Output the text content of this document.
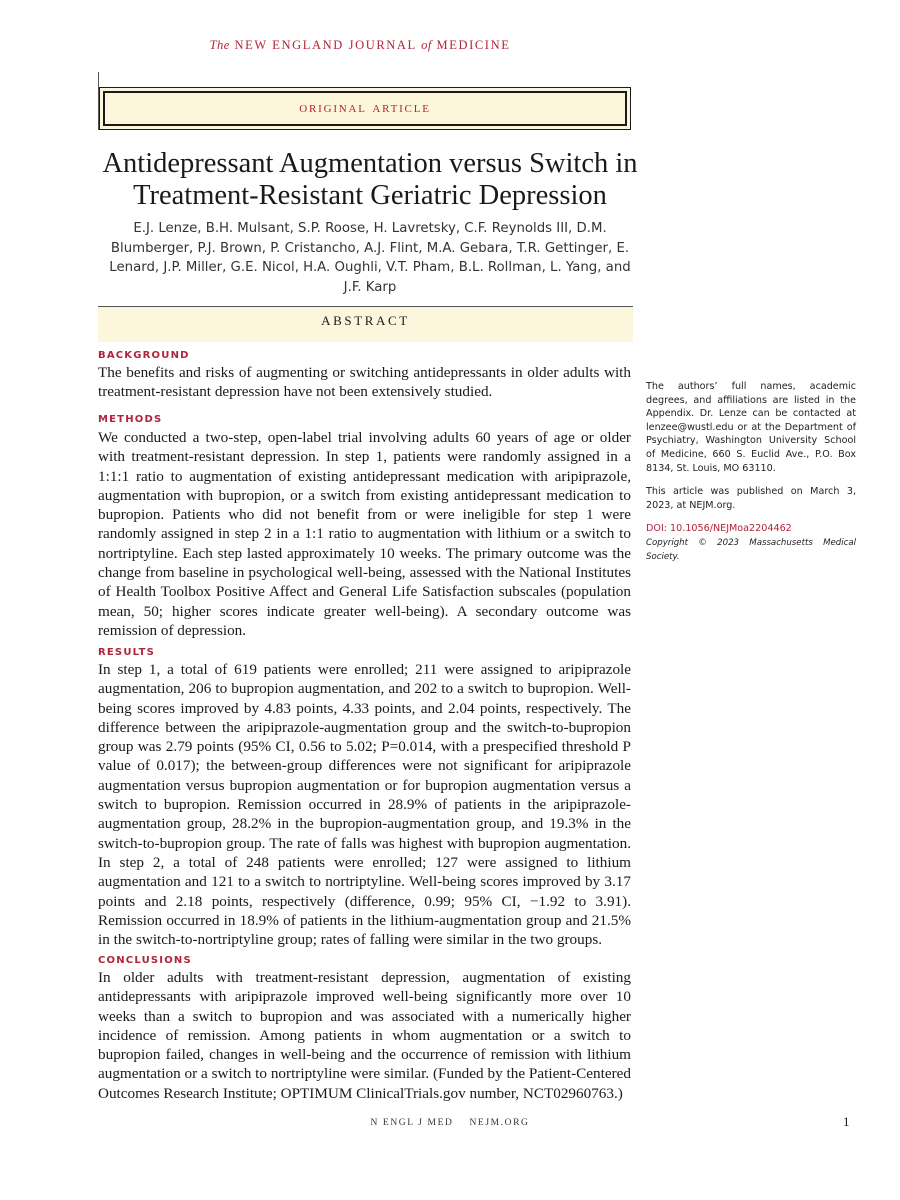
The NEW ENGLAND JOURNAL of MEDICINE
original article
Antidepressant Augmentation versus Switch in Treatment-Resistant Geriatric Depression
E.J. Lenze, B.H. Mulsant, S.P. Roose, H. Lavretsky, C.F. Reynolds III, D.M. Blumberger, P.J. Brown, P. Cristancho, A.J. Flint, M.A. Gebara, T.R. Gettinger, E. Lenard, J.P. Miller, G.E. Nicol, H.A. Oughli, V.T. Pham, B.L. Rollman, L. Yang, and J.F. Karp
ABSTRACT
BACKGROUND

The benefits and risks of augmenting or switching antidepressants in older adults with treatment-resistant depression have not been extensively studied.

METHODS

We conducted a two-step, open-label trial involving adults 60 years of age or older with treatment-resistant depression. In step 1, patients were randomly assigned in a 1:1:1 ratio to augmentation of existing antidepressant medication with aripiprazole, augmentation with bupropion, or a switch from existing antidepressant medication to bupropion. Patients who did not benefit from or were ineligible for step 1 were randomly assigned in step 2 in a 1:1 ratio to augmentation with lithium or a switch to nortriptyline. Each step lasted approximately 10 weeks. The primary outcome was the change from baseline in psychological well-being, assessed with the National Institutes of Health Toolbox Positive Affect and General Life Satisfaction subscales (population mean, 50; higher scores indicate greater well-being). A secondary outcome was remission of depression.

RESULTS

In step 1, a total of 619 patients were enrolled; 211 were assigned to aripiprazole augmentation, 206 to bupropion augmentation, and 202 to a switch to bupropion. Well-being scores improved by 4.83 points, 4.33 points, and 2.04 points, respectively. The difference between the aripiprazole-augmentation group and the switch-to-bupropion group was 2.79 points (95% CI, 0.56 to 5.02; P=0.014, with a prespecified threshold P value of 0.017); the between-group differences were not significant for aripiprazole augmentation versus bupropion augmentation or for bupropion augmentation versus a switch to bupropion. Remission occurred in 28.9% of patients in the aripiprazole-augmentation group, 28.2% in the bupropion-augmentation group, and 19.3% in the switch-to-bupropion group. The rate of falls was highest with bupropion augmentation. In step 2, a total of 248 patients were enrolled; 127 were assigned to lithium augmentation and 121 to a switch to nortriptyline. Well-being scores improved by 3.17 points and 2.18 points, respectively (difference, 0.99; 95% CI, −1.92 to 3.91). Remission occurred in 18.9% of patients in the lithium-augmentation group and 21.5% in the switch-to-nortriptyline group; rates of falling were similar in the two groups.

CONCLUSIONS

In older adults with treatment-resistant depression, augmentation of existing antidepressants with aripiprazole improved well-being significantly more over 10 weeks than a switch to bupropion and was associated with a numerically higher incidence of remission. Among patients in whom augmentation or a switch to bupropion failed, changes in well-being and the occurrence of remission with lithium augmentation or a switch to nortriptyline were similar. (Funded by the Patient-Centered Outcomes Research Institute; OPTIMUM ClinicalTrials.gov number, NCT02960763.)

The authors’ full names, academic degrees, and affiliations are listed in the Appendix. Dr. Lenze can be contacted at lenzee@wustl.edu or at the Department of Psychiatry, Washington University School of Medicine, 660 S. Euclid Ave., P.O. Box 8134, St. Louis, MO 63110.

This article was published on March 3, 2023, at NEJM.org.

DOI: 10.1056/NEJMoa2204462

Copyright © 2023 Massachusetts Medical Society.

N ENGL J MED NEJM.ORG	1
